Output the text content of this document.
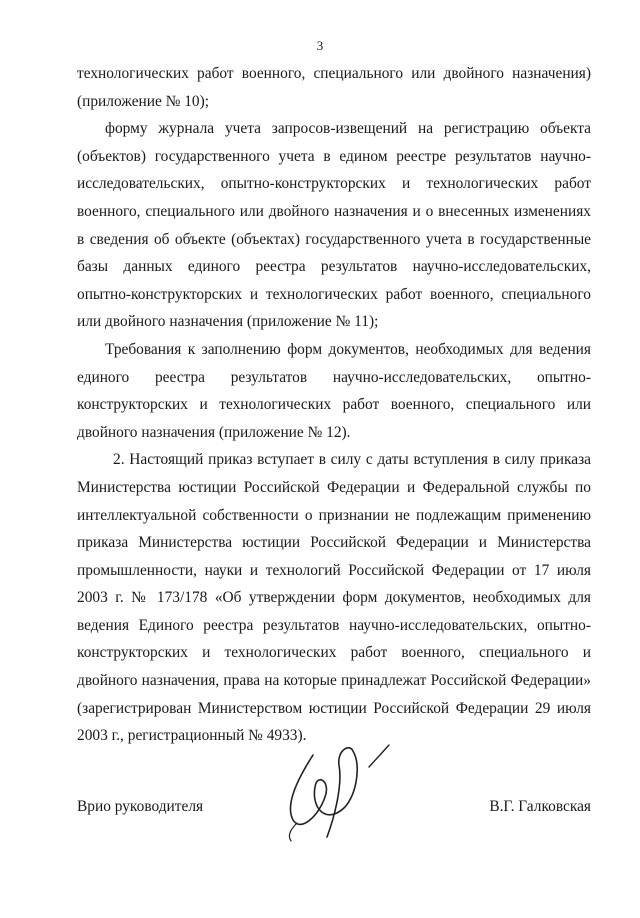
3

технологических работ военного, специального или двойного назначения) (приложение № 10);

форму журнала учета запросов-извещений на регистрацию объекта (объектов) государственного учета в едином реестре результатов научно-исследовательских, опытно-конструкторских и технологических работ военного, специального или двойного назначения и о внесенных изменениях в сведения об объекте (объектах) государственного учета в государственные базы данных единого реестра результатов научно-исследовательских, опытно-конструкторских и технологических работ военного, специального или двойного назначения (приложение № 11);

Требования к заполнению форм документов, необходимых для ведения единого реестра результатов научно-исследовательских, опытно-конструкторских и технологических работ военного, специального или двойного назначения (приложение № 12).

2. Настоящий приказ вступает в силу с даты вступления в силу приказа Министерства юстиции Российской Федерации и Федеральной службы по интеллектуальной собственности о признании не подлежащим применению приказа Министерства юстиции Российской Федерации и Министерства промышленности, науки и технологий Российской Федерации от 17 июля 2003 г. № 173/178 «Об утверждении форм документов, необходимых для ведения Единого реестра результатов научно-исследовательских, опытно-конструкторских и технологических работ военного, специального и двойного назначения, права на которые принадлежат Российской Федерации» (зарегистрирован Министерством юстиции Российской Федерации 29 июля 2003 г., регистрационный № 4933).

Врио руководителя	В.Г. Галковская
